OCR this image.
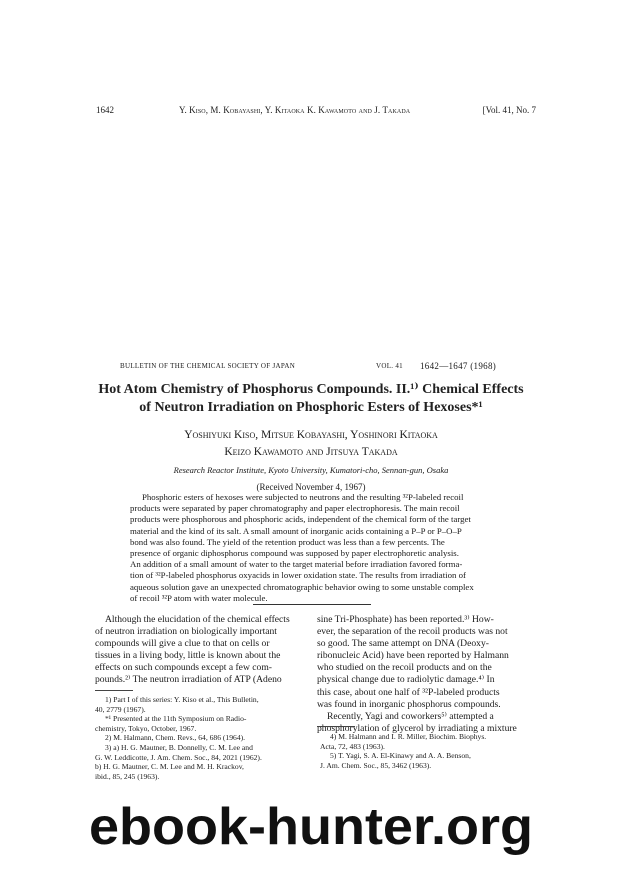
1642	Y. Kiso, M. Kobayashi, Y. Kitaoka K. Kawamoto and J. Takada	[Vol. 41, No. 7
BULLETIN OF THE CHEMICAL SOCIETY OF JAPAN	VOL. 41 1642—1647 (1968)
Hot Atom Chemistry of Phosphorus Compounds. II.¹⁾ Chemical Effects
of Neutron Irradiation on Phosphoric Esters of Hexoses*¹
Yoshiyuki Kiso, Mitsue Kobayashi, Yoshinori Kitaoka
Keizo Kawamoto and Jitsuya Takada
Research Reactor Institute, Kyoto University, Kumatori-cho, Sennan-gun, Osaka
(Received November 4, 1967)
Phosphoric esters of hexoses were subjected to neutrons and the resulting ³²P-labeled recoil
products were separated by paper chromatography and paper electrophoresis. The main recoil
products were phosphorous and phosphoric acids, independent of the chemical form of the target
material and the kind of its salt. A small amount of inorganic acids containing a P–P or P–O–P
bond was also found. The yield of the retention product was less than a few percents. The
presence of organic diphosphorus compound was supposed by paper electrophoretic analysis.
An addition of a small amount of water to the target material before irradiation favored forma-
tion of ³²P-labeled phosphorus oxyacids in lower oxidation state. The results from irradiation of
aqueous solution gave an unexpected chromatographic behavior owing to some unstable complex
of recoil ³²P atom with water molecule.
Although the elucidation of the chemical effects
of neutron irradiation on biologically important
compounds will give a clue to that on cells or
tissues in a living body, little is known about the
effects on such compounds except a few com-
pounds.²⁾ The neutron irradiation of ATP (Adeno
sine Tri-Phosphate) has been reported.³⁾ How-
ever, the separation of the recoil products was not
so good. The same attempt on DNA (Deoxy-
ribonucleic Acid) have been reported by Halmann
who studied on the recoil products and on the
physical change due to radiolytic damage.⁴⁾ In
this case, about one half of ³²P-labeled products
was found in inorganic phosphorus compounds.
Recently, Yagi and coworkers⁵⁾ attempted a
phosphorylation of glycerol by irradiating a mixture
1) Part I of this series: Y. Kiso et al., This Bulletin,
40, 2779 (1967).
*¹ Presented at the 11th Symposium on Radio-
chemistry, Tokyo, October, 1967.
2) M. Halmann, Chem. Revs., 64, 686 (1964).
3) a) H. G. Mautner, B. Donnelly, C. M. Lee and
G. W. Leddicotte, J. Am. Chem. Soc., 84, 2021 (1962).
b) H. G. Mautner, C. M. Lee and M. H. Krackov,
ibid., 85, 245 (1963).
4) M. Halmann and I. R. Miller, Biochim. Biophys.
Acta, 72, 483 (1963).
5) T. Yagi, S. A. El-Kinawy and A. A. Benson,
J. Am. Chem. Soc., 85, 3462 (1963).
ebook-hunter.org
